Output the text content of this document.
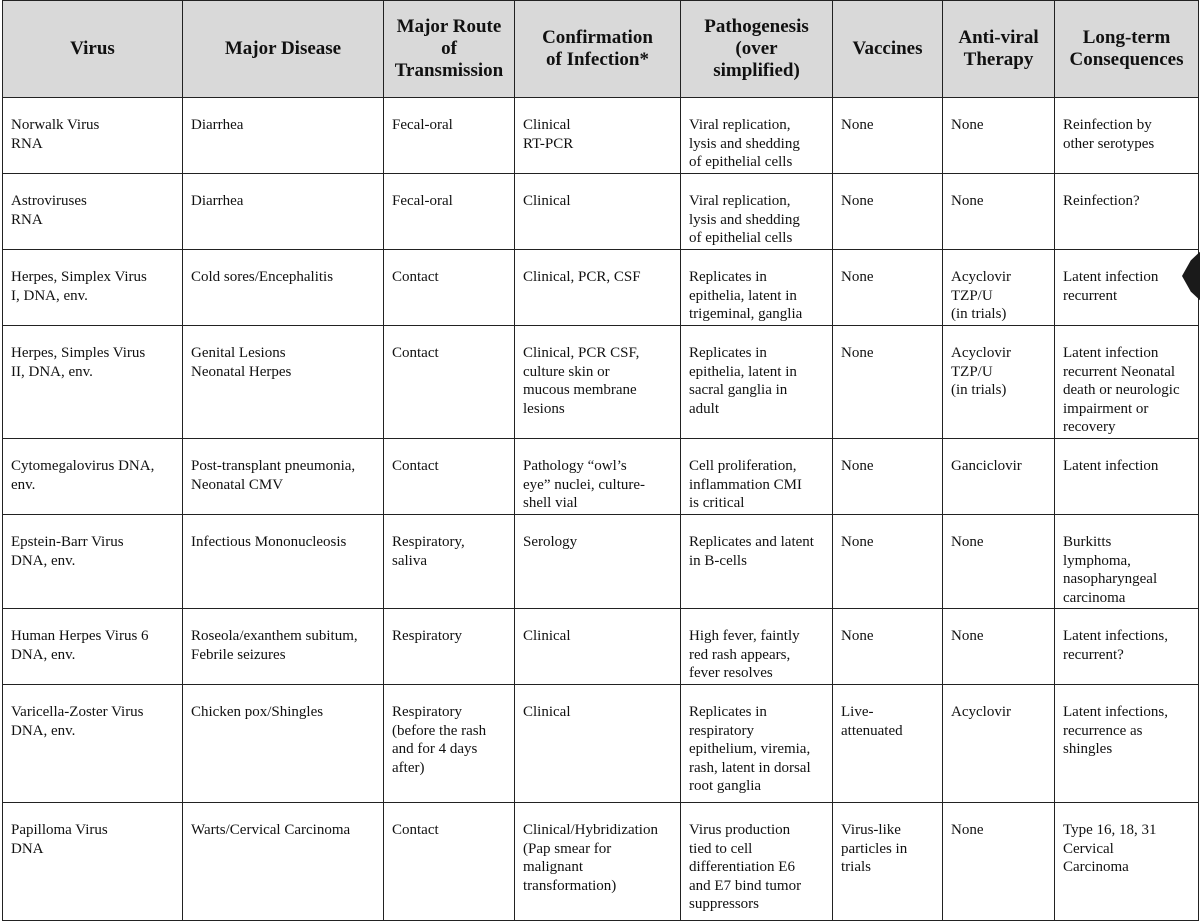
Virus	Major Disease	Major Route
of
Transmission	Confirmation
of Infection*	Pathogenesis
(over
simplified)	Vaccines	Anti-viral
Therapy	Long-term
Consequences

Norwalk Virus
RNA	Diarrhea	Fecal-oral	Clinical
RT-PCR	Viral replication,
lysis and shedding
of epithelial cells	None	None	Reinfection by
other serotypes

Astroviruses
RNA	Diarrhea	Fecal-oral	Clinical	Viral replication,
lysis and shedding
of epithelial cells	None	None	Reinfection?

Herpes, Simplex Virus
I, DNA, env.	Cold sores/Encephalitis	Contact	Clinical, PCR, CSF	Replicates in
epithelia, latent in
trigeminal, ganglia	None	Acyclovir
TZP/U
(in trials)	Latent infection
recurrent

Herpes, Simples Virus
II, DNA, env.	Genital Lesions
Neonatal Herpes	Contact	Clinical, PCR CSF,
culture skin or
mucous membrane
lesions	Replicates in
epithelia, latent in
sacral ganglia in
adult	None	Acyclovir
TZP/U
(in trials)	Latent infection
recurrent Neonatal
death or neurologic
impairment or
recovery

Cytomegalovirus DNA,
env.	Post-transplant pneumonia,
Neonatal CMV	Contact	Pathology “owl’s
eye” nuclei, culture-
shell vial	Cell proliferation,
inflammation CMI
is critical	None	Ganciclovir	Latent infection

Epstein-Barr Virus
DNA, env.	Infectious Mononucleosis	Respiratory,
saliva	Serology	Replicates and latent
in B-cells	None	None	Burkitts
lymphoma,
nasopharyngeal
carcinoma

Human Herpes Virus 6
DNA, env.	Roseola/exanthem subitum,
Febrile seizures	Respiratory	Clinical	High fever, faintly
red rash appears,
fever resolves	None	None	Latent infections,
recurrent?

Varicella-Zoster Virus
DNA, env.	Chicken pox/Shingles	Respiratory
(before the rash
and for 4 days
after)	Clinical	Replicates in
respiratory
epithelium, viremia,
rash, latent in dorsal
root ganglia	Live-
attenuated	Acyclovir	Latent infections,
recurrence as
shingles

Papilloma Virus
DNA	Warts/Cervical Carcinoma	Contact	Clinical/Hybridization
(Pap smear for
malignant
transformation)	Virus production
tied to cell
differentiation E6
and E7 bind tumor
suppressors	Virus-like
particles in
trials	None	Type 16, 18, 31
Cervical
Carcinoma
